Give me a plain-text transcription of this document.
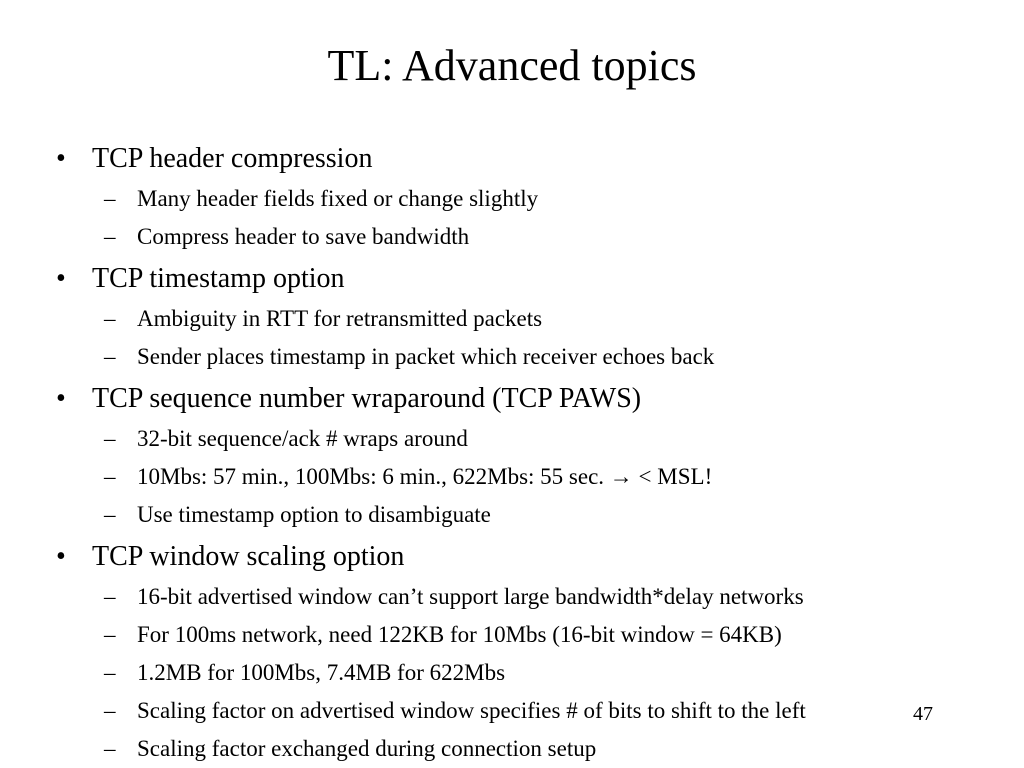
TL: Advanced topics
• TCP header compression
– Many header fields fixed or change slightly
– Compress header to save bandwidth
• TCP timestamp option
– Ambiguity in RTT for retransmitted packets
– Sender places timestamp in packet which receiver echoes back
• TCP sequence number wraparound (TCP PAWS)
– 32-bit sequence/ack # wraps around
– 10Mbs: 57 min., 100Mbs: 6 min., 622Mbs: 55 sec. → < MSL!
– Use timestamp option to disambiguate
• TCP window scaling option
– 16-bit advertised window can’t support large bandwidth*delay networks
– For 100ms network, need 122KB for 10Mbs (16-bit window = 64KB)
– 1.2MB for 100Mbs, 7.4MB for 622Mbs
– Scaling factor on advertised window specifies # of bits to shift to the left
– Scaling factor exchanged during connection setup
47
